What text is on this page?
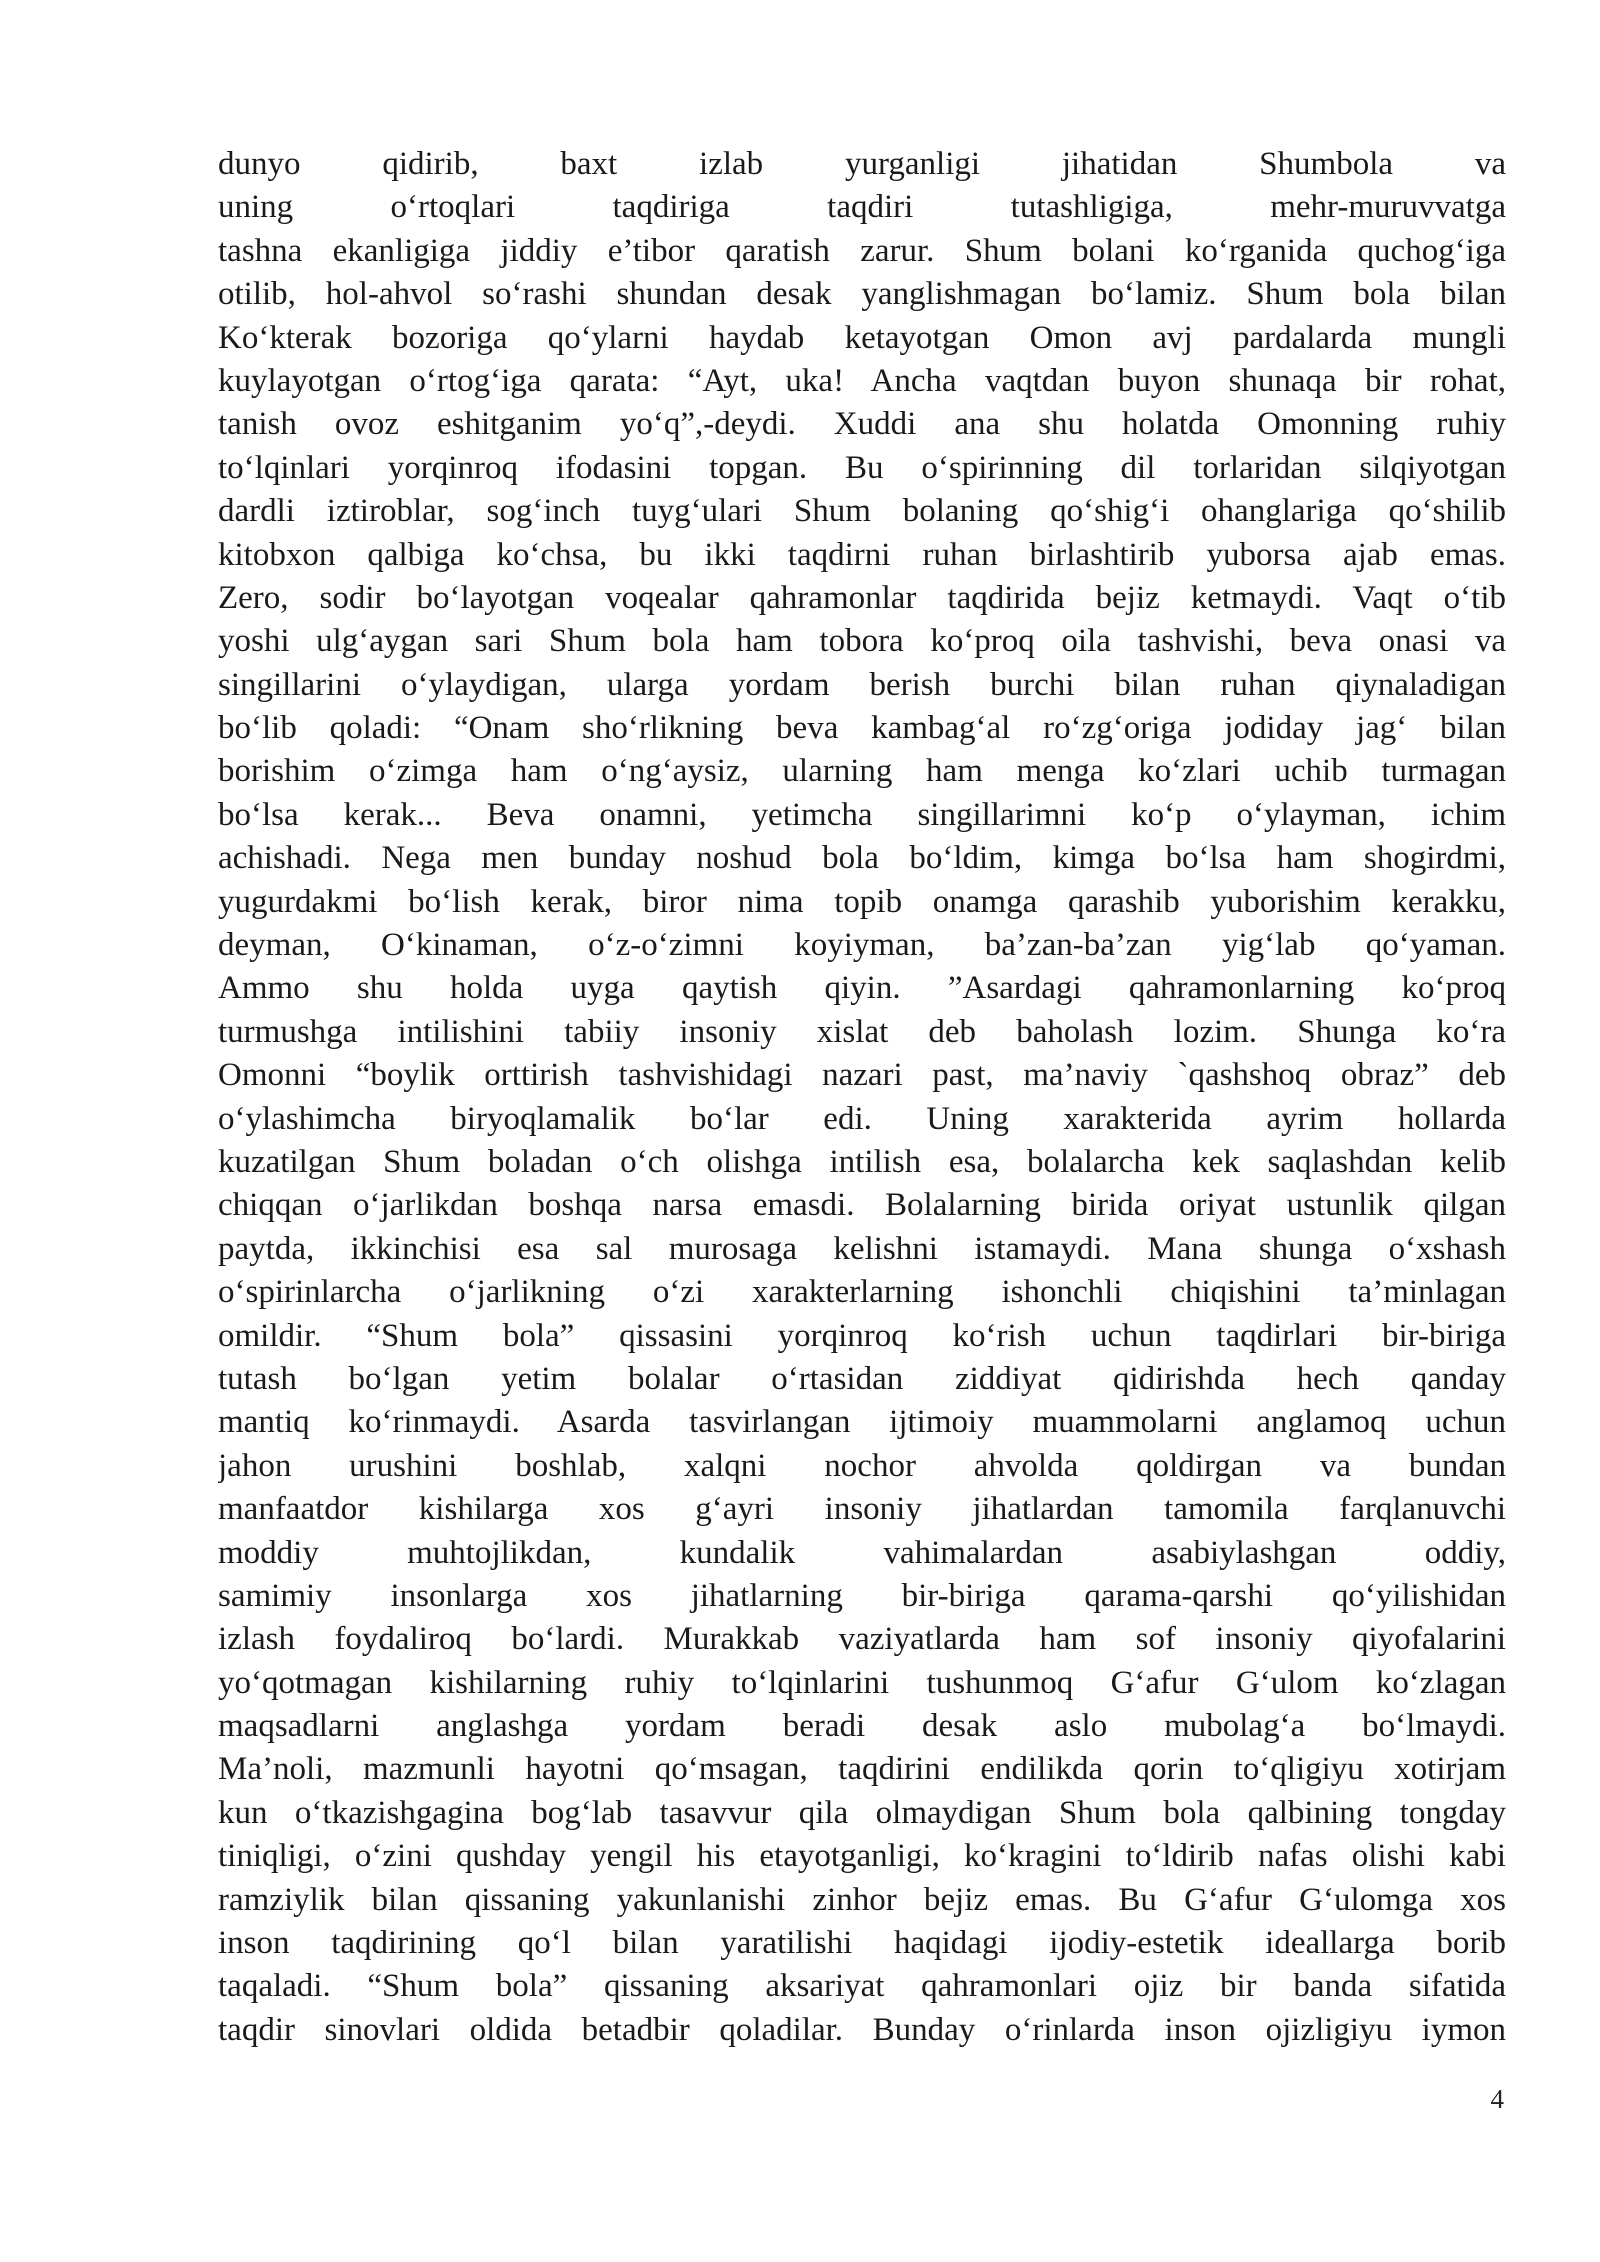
dunyo qidirib, baxt izlab yurganligi jihatidan Shumbola va
uning o‘rtoqlari taqdiriga taqdiri tutashligiga, mehr-muruvvatga
tashna ekanligiga jiddiy e’tibor qaratish zarur. Shum bolani ko‘rganida quchog‘iga
otilib, hol-ahvol so‘rashi shundan desak yanglishmagan bo‘lamiz. Shum bola bilan
Ko‘kterak bozoriga qo‘ylarni haydab ketayotgan Omon avj pardalarda mungli
kuylayotgan o‘rtog‘iga qarata: “Ayt, uka! Ancha vaqtdan buyon shunaqa bir rohat,
tanish ovoz eshitganim yo‘q”,-deydi. Xuddi ana shu holatda Omonning ruhiy
to‘lqinlari yorqinroq ifodasini topgan. Bu o‘spirinning dil torlaridan silqiyotgan
dardli iztiroblar, sog‘inch tuyg‘ulari Shum bolaning qo‘shig‘i ohanglariga qo‘shilib
kitobxon qalbiga ko‘chsa, bu ikki taqdirni ruhan birlashtirib yuborsa ajab emas.
Zero, sodir bo‘layotgan voqealar qahramonlar taqdirida bejiz ketmaydi. Vaqt o‘tib
yoshi ulg‘aygan sari Shum bola ham tobora ko‘proq oila tashvishi, beva onasi va
singillarini o‘ylaydigan, ularga yordam berish burchi bilan ruhan qiynaladigan
bo‘lib qoladi: “Onam sho‘rlikning beva kambag‘al ro‘zg‘origa jodiday jag‘ bilan
borishim o‘zimga ham o‘ng‘aysiz, ularning ham menga ko‘zlari uchib turmagan
bo‘lsa kerak... Beva onamni, yetimcha singillarimni ko‘p o‘ylayman, ichim
achishadi. Nega men bunday noshud bola bo‘ldim, kimga bo‘lsa ham shogirdmi,
yugurdakmi bo‘lish kerak, biror nima topib onamga qarashib yuborishim kerakku,
deyman, O‘kinaman, o‘z-o‘zimni koyiyman, ba’zan-ba’zan yig‘lab qo‘yaman.
Ammo shu holda uyga qaytish qiyin. ”Asardagi qahramonlarning ko‘proq
turmushga intilishini tabiiy insoniy xislat deb baholash lozim. Shunga ko‘ra
Omonni “boylik orttirish tashvishidagi nazari past, ma’naviy `qashshoq obraz” deb
o‘ylashimcha biryoqlamalik bo‘lar edi. Uning xarakterida ayrim hollarda
kuzatilgan Shum boladan o‘ch olishga intilish esa, bolalarcha kek saqlashdan kelib
chiqqan o‘jarlikdan boshqa narsa emasdi. Bolalarning birida oriyat ustunlik qilgan
paytda, ikkinchisi esa sal murosaga kelishni istamaydi. Mana shunga o‘xshash
o‘spirinlarcha o‘jarlikning o‘zi xarakterlarning ishonchli chiqishini ta’minlagan
omildir. “Shum bola” qissasini yorqinroq ko‘rish uchun taqdirlari bir-biriga
tutash bo‘lgan yetim bolalar o‘rtasidan ziddiyat qidirishda hech qanday
mantiq ko‘rinmaydi. Asarda tasvirlangan ijtimoiy muammolarni anglamoq uchun
jahon urushini boshlab, xalqni nochor ahvolda qoldirgan va bundan
manfaatdor kishilarga xos g‘ayri insoniy jihatlardan tamomila farqlanuvchi
moddiy muhtojlikdan, kundalik vahimalardan asabiylashgan oddiy,
samimiy insonlarga xos jihatlarning bir-biriga qarama-qarshi qo‘yilishidan
izlash foydaliroq bo‘lardi. Murakkab vaziyatlarda ham sof insoniy qiyofalarini
yo‘qotmagan kishilarning ruhiy to‘lqinlarini tushunmoq G‘afur G‘ulom ko‘zlagan
maqsadlarni anglashga yordam beradi desak aslo mubolag‘a bo‘lmaydi.
Ma’noli, mazmunli hayotni qo‘msagan, taqdirini endilikda qorin to‘qligiyu xotirjam
kun o‘tkazishgagina bog‘lab tasavvur qila olmaydigan Shum bola qalbining tongday
tiniqligi, o‘zini qushday yengil his etayotganligi, ko‘kragini to‘ldirib nafas olishi kabi
ramziylik bilan qissaning yakunlanishi zinhor bejiz emas. Bu G‘afur G‘ulomga xos
inson taqdirining qo‘l bilan yaratilishi haqidagi ijodiy-estetik ideallarga borib
taqaladi. “Shum bola” qissaning aksariyat qahramonlari ojiz bir banda sifatida
taqdir sinovlari oldida betadbir qoladilar. Bunday o‘rinlarda inson ojizligiyu iymon
4
